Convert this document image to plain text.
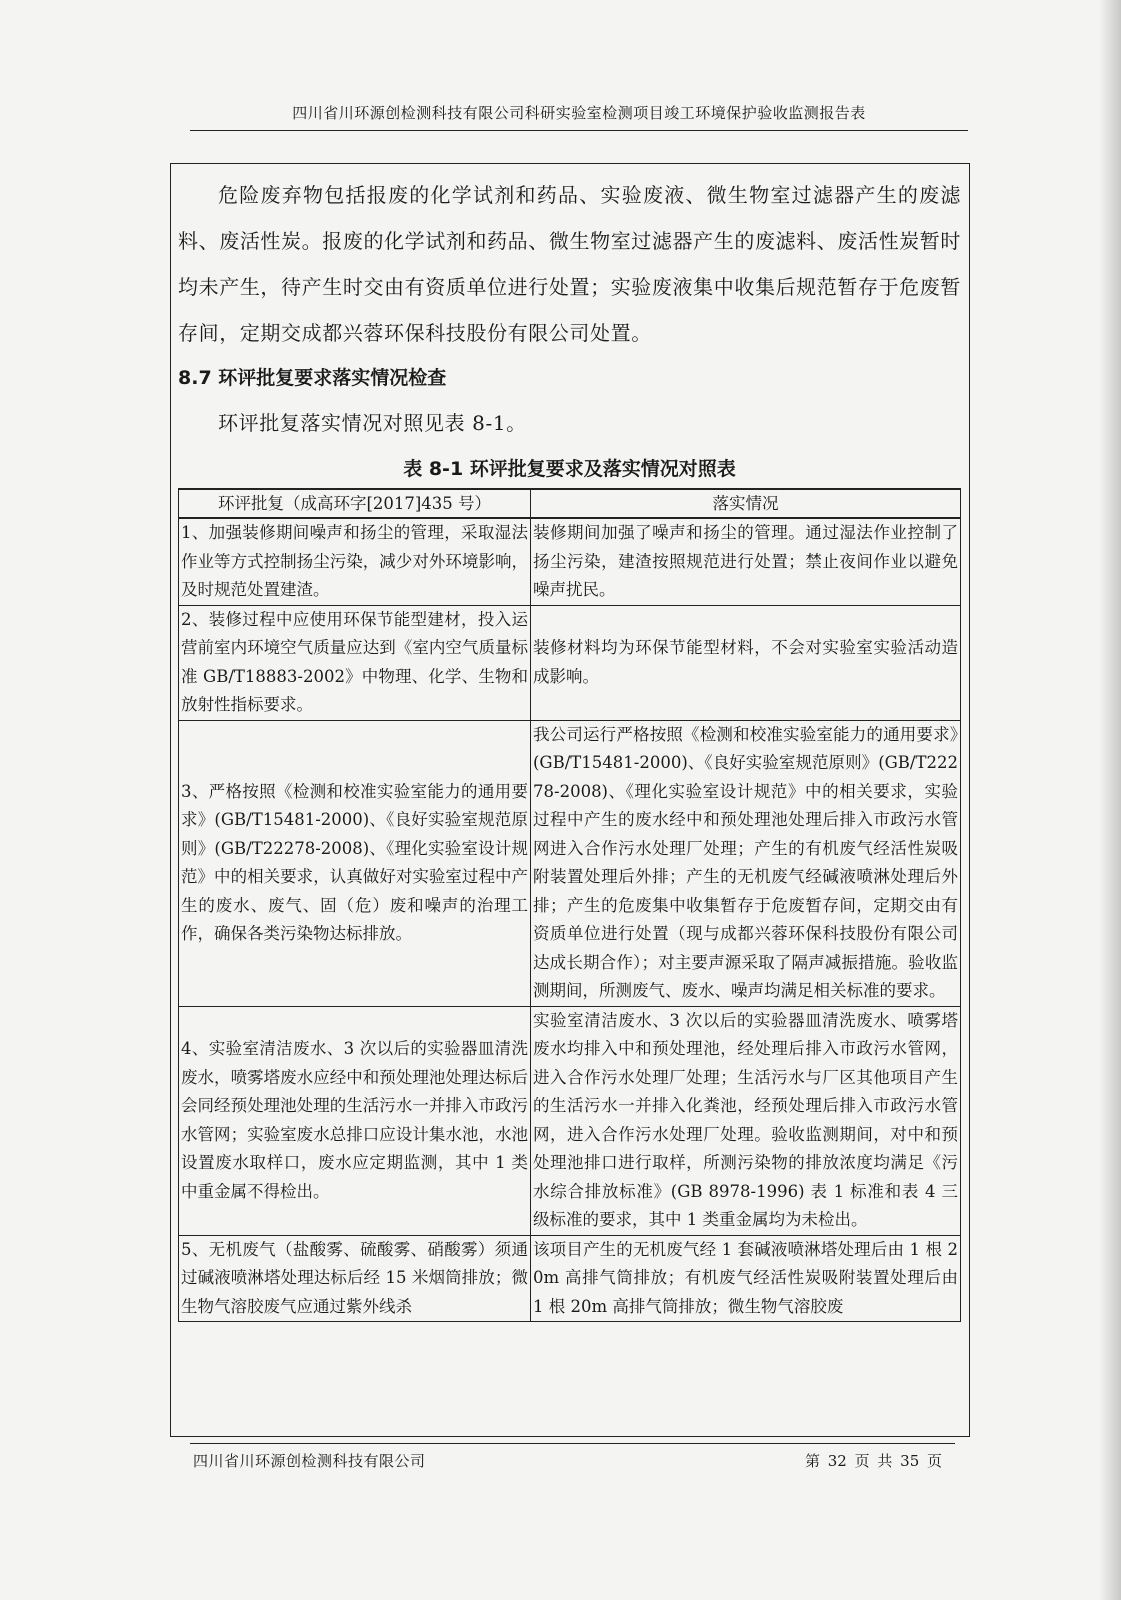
四川省川环源创检测科技有限公司科研实验室检测项目竣工环境保护验收监测报告表

危险废弃物包括报废的化学试剂和药品、实验废液、微生物室过滤器产生的废滤料、废活性炭。报废的化学试剂和药品、微生物室过滤器产生的废滤料、废活性炭暂时均未产生，待产生时交由有资质单位进行处置；实验废液集中收集后规范暂存于危废暂存间，定期交成都兴蓉环保科技股份有限公司处置。

8.7 环评批复要求落实情况检查

环评批复落实情况对照见表 8-1。

表 8-1 环评批复要求及落实情况对照表
环评批复（成高环字[2017]435 号）	落实情况
1、加强装修期间噪声和扬尘的管理，采取湿法作业等方式控制扬尘污染，减少对外环境影响，及时规范处置建渣。	装修期间加强了噪声和扬尘的管理。通过湿法作业控制了扬尘污染，建渣按照规范进行处置；禁止夜间作业以避免噪声扰民。
2、装修过程中应使用环保节能型建材，投入运营前室内环境空气质量应达到《室内空气质量标准 GB/T18883-2002》中物理、化学、生物和放射性指标要求。	装修材料均为环保节能型材料，不会对实验室实验活动造成影响。
3、严格按照《检测和校准实验室能力的通用要求》(GB/T15481-2000)、《良好实验室规范原则》(GB/T22278-2008)、《理化实验室设计规范》中的相关要求，认真做好对实验室过程中产生的废水、废气、固（危）废和噪声的治理工作，确保各类污染物达标排放。	我公司运行严格按照《检测和校准实验室能力的通用要求》(GB/T15481-2000)、《良好实验室规范原则》(GB/T22278-2008)、《理化实验室设计规范》中的相关要求，实验过程中产生的废水经中和预处理池处理后排入市政污水管网进入合作污水处理厂处理；产生的有机废气经活性炭吸附装置处理后外排；产生的无机废气经碱液喷淋处理后外排；产生的危废集中收集暂存于危废暂存间，定期交由有资质单位进行处置（现与成都兴蓉环保科技股份有限公司达成长期合作）；对主要声源采取了隔声减振措施。验收监测期间，所测废气、废水、噪声均满足相关标准的要求。
4、实验室清洁废水、3 次以后的实验器皿清洗废水，喷雾塔废水应经中和预处理池处理达标后会同经预处理池处理的生活污水一并排入市政污水管网；实验室废水总排口应设计集水池，水池设置废水取样口，废水应定期监测，其中 1 类中重金属不得检出。	实验室清洁废水、3 次以后的实验器皿清洗废水、喷雾塔废水均排入中和预处理池，经处理后排入市政污水管网，进入合作污水处理厂处理；生活污水与厂区其他项目产生的生活污水一并排入化粪池，经预处理后排入市政污水管网，进入合作污水处理厂处理。验收监测期间，对中和预处理池排口进行取样，所测污染物的排放浓度均满足《污水综合排放标准》(GB 8978-1996) 表 1 标准和表 4 三级标准的要求，其中 1 类重金属均为未检出。
5、无机废气（盐酸雾、硫酸雾、硝酸雾）须通过碱液喷淋塔处理达标后经 15 米烟筒排放；微生物气溶胶废气应通过紫外线杀	该项目产生的无机废气经 1 套碱液喷淋塔处理后由 1 根 20m 高排气筒排放；有机废气经活性炭吸附装置处理后由 1 根 20m 高排气筒排放；微生物气溶胶废
四川省川环源创检测科技有限公司	第 32 页 共 35 页
